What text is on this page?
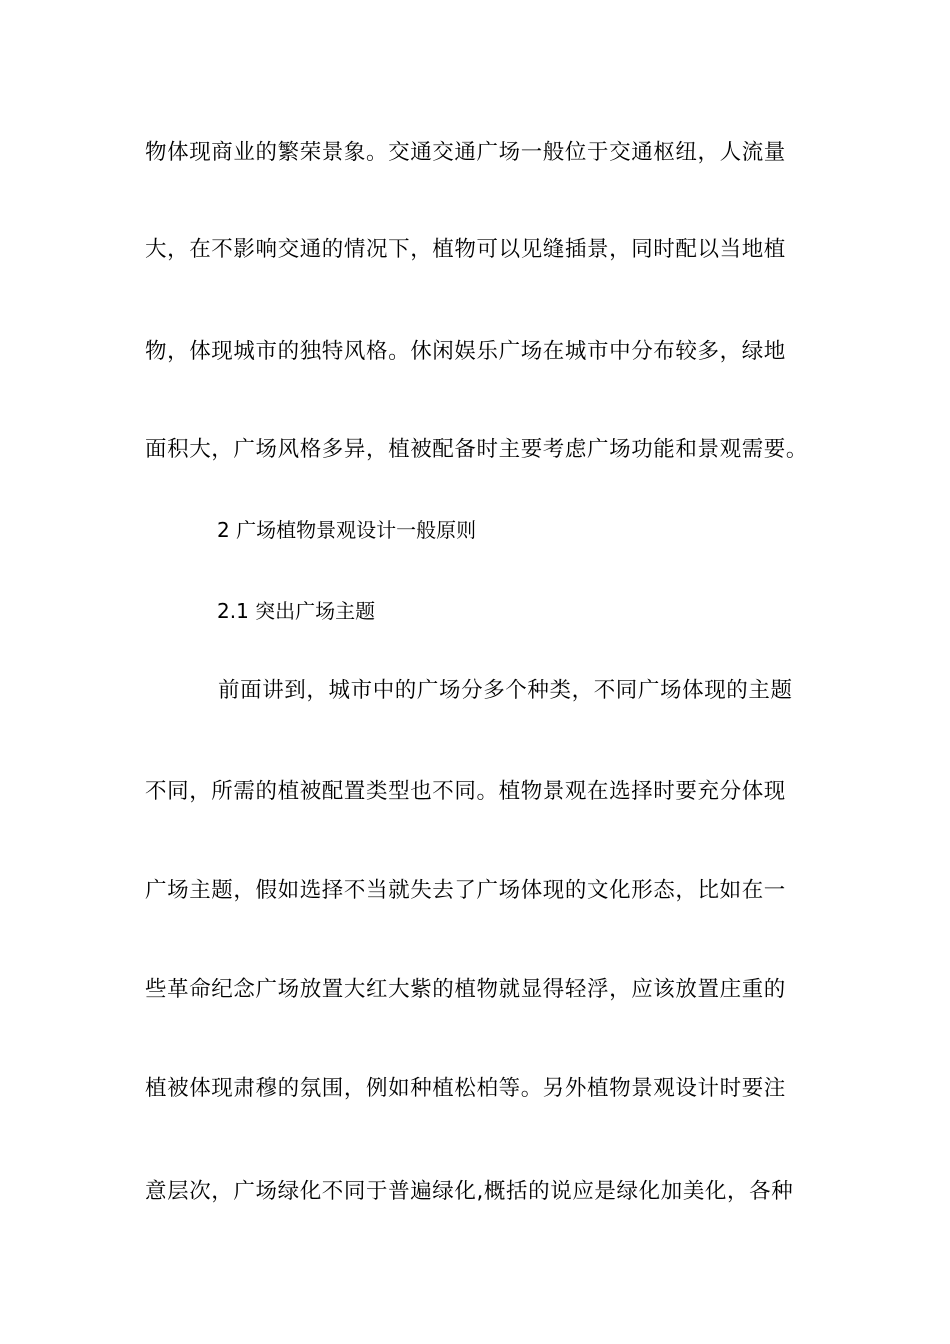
物体现商业的繁荣景象。交通交通广场一般位于交通枢纽，人流量
大，在不影响交通的情况下，植物可以见缝插景，同时配以当地植
物，体现城市的独特风格。休闲娱乐广场在城市中分布较多，绿地
面积大，广场风格多异，植被配备时主要考虑广场功能和景观需要。
2 广场植物景观设计一般原则
2.1 突出广场主题
前面讲到，城市中的广场分多个种类，不同广场体现的主题
不同，所需的植被配置类型也不同。植物景观在选择时要充分体现
广场主题，假如选择不当就失去了广场体现的文化形态，比如在一
些革命纪念广场放置大红大紫的植物就显得轻浮，应该放置庄重的
植被体现肃穆的氛围，例如种植松柏等。另外植物景观设计时要注
意层次，广场绿化不同于普遍绿化,概括的说应是绿化加美化，各种
